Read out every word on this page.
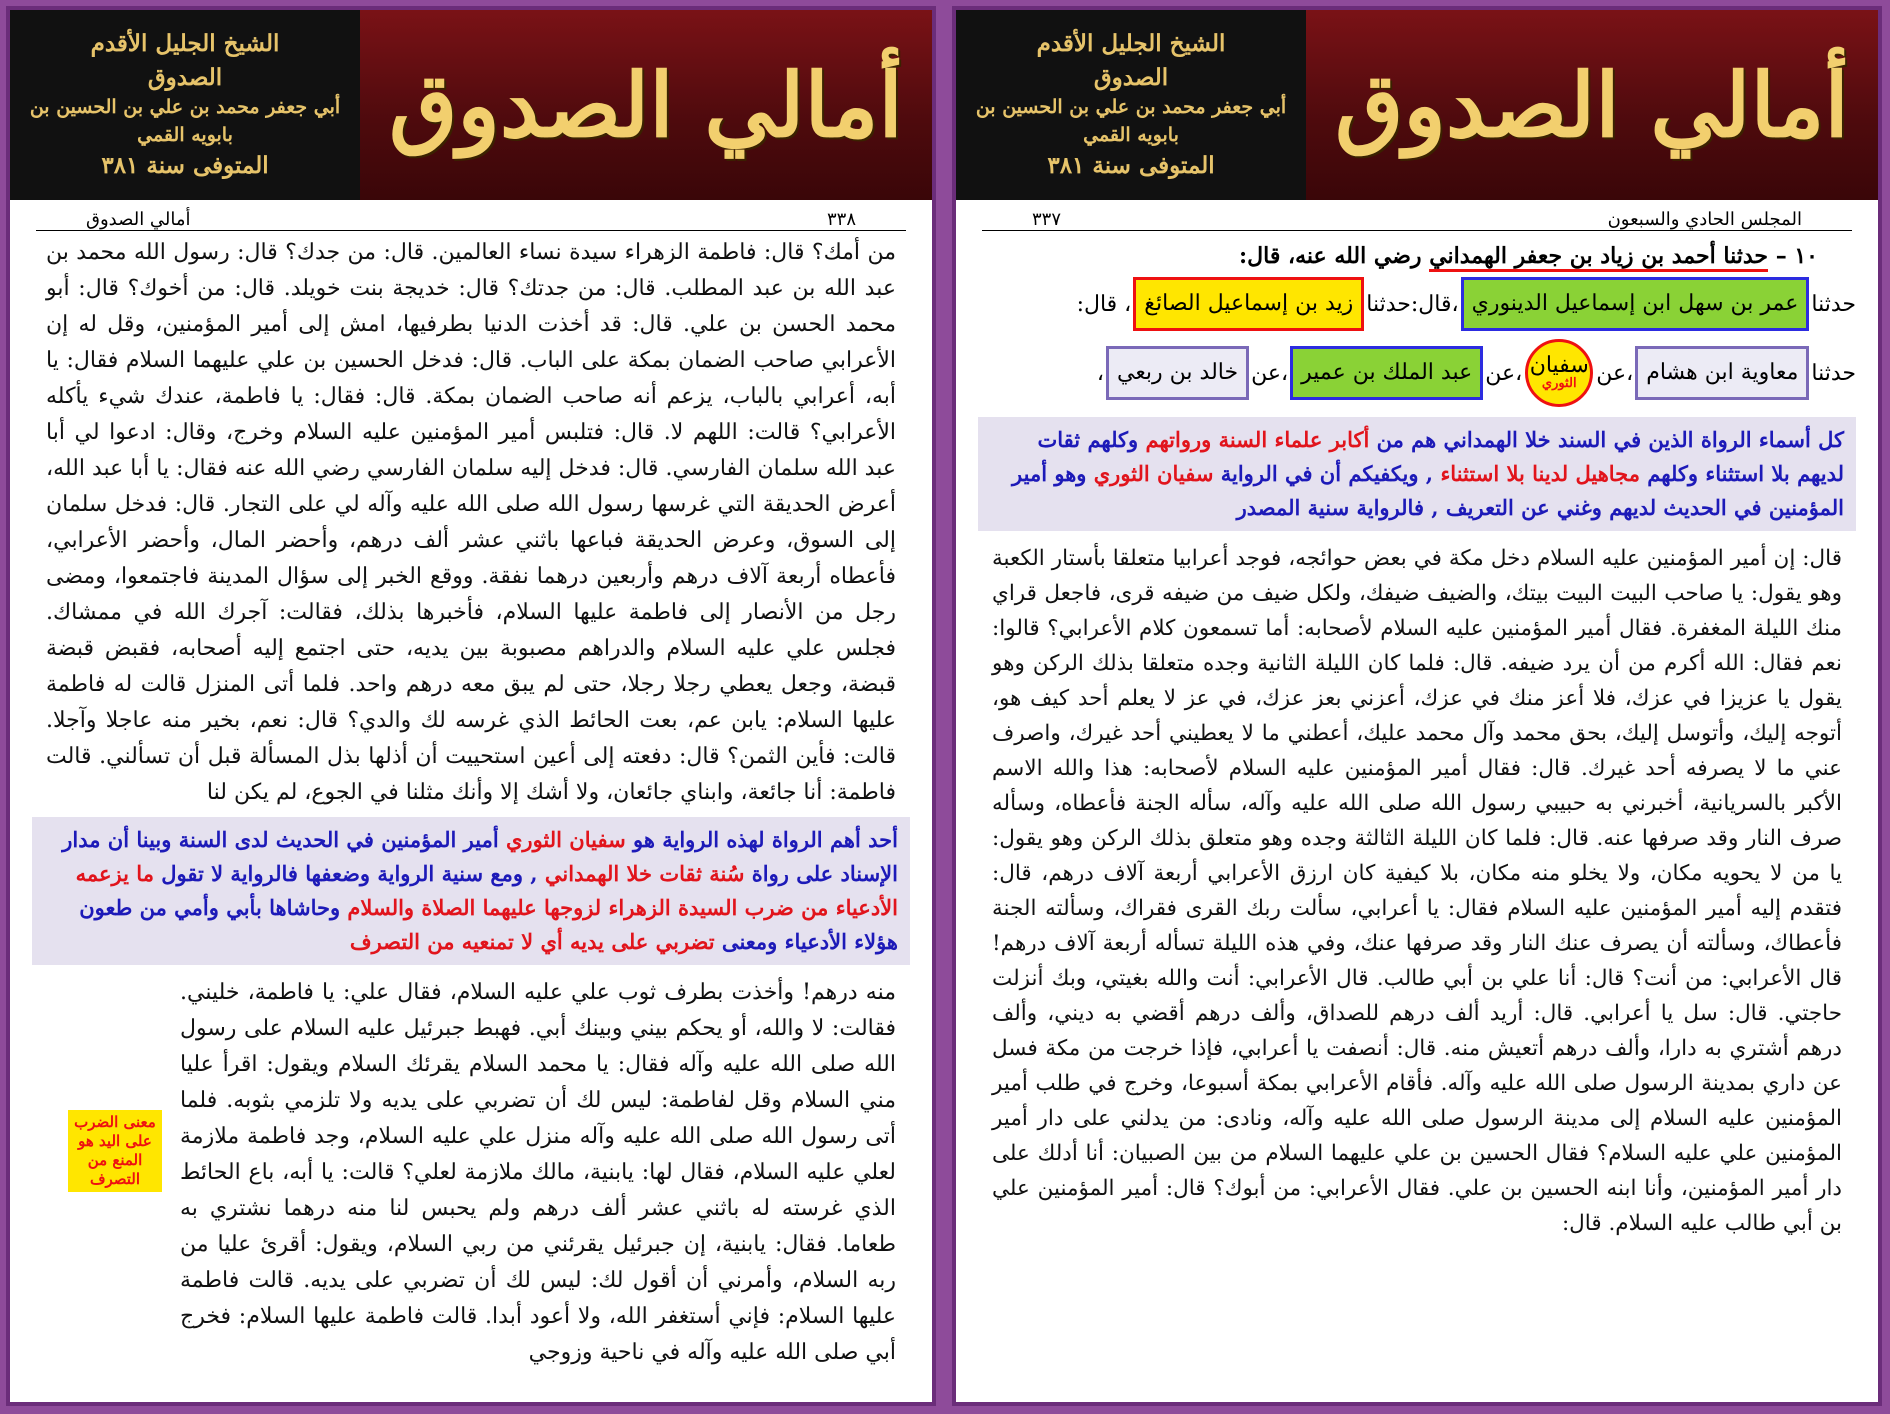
الشيخ الجليل الأقدم
الصدوق
أبي جعفر محمد بن علي بن الحسين بن بابويه القمي
المتوفى سنة ٣٨١
أمالي الصدوق
أمالي الصدوق	٣٣٨

من أمك؟ قال: فاطمة الزهراء سيدة نساء العالمين. قال: من جدك؟ قال: رسول الله محمد بن عبد الله بن عبد المطلب. قال: من جدتك؟ قال: خديجة بنت خويلد. قال: من أخوك؟ قال: أبو محمد الحسن بن علي. قال: قد أخذت الدنيا بطرفيها، امش إلى أمير المؤمنين، وقل له إن الأعرابي صاحب الضمان بمكة على الباب. قال: فدخل الحسين بن علي عليهما السلام فقال: يا أبه، أعرابي بالباب، يزعم أنه صاحب الضمان بمكة. قال: فقال: يا فاطمة، عندك شيء يأكله الأعرابي؟ قالت: اللهم لا. قال: فتلبس أمير المؤمنين عليه السلام وخرج، وقال: ادعوا لي أبا عبد الله سلمان الفارسي. قال: فدخل إليه سلمان الفارسي رضي الله عنه فقال: يا أبا عبد الله، أعرض الحديقة التي غرسها رسول الله صلى الله عليه وآله لي على التجار. قال: فدخل سلمان إلى السوق، وعرض الحديقة فباعها باثني عشر ألف درهم، وأحضر المال، وأحضر الأعرابي، فأعطاه أربعة آلاف درهم وأربعين درهما نفقة. ووقع الخبر إلى سؤال المدينة فاجتمعوا، ومضى رجل من الأنصار إلى فاطمة عليها السلام، فأخبرها بذلك، فقالت: آجرك الله في ممشاك. فجلس علي عليه السلام والدراهم مصبوبة بين يديه، حتى اجتمع إليه أصحابه، فقبض قبضة قبضة، وجعل يعطي رجلا رجلا، حتى لم يبق معه درهم واحد. فلما أتى المنزل قالت له فاطمة عليها السلام: يابن عم، بعت الحائط الذي غرسه لك والدي؟ قال: نعم، بخير منه عاجلا وآجلا. قالت: فأين الثمن؟ قال: دفعته إلى أعين استحييت أن أذلها بذل المسألة قبل أن تسألني. قالت فاطمة: أنا جائعة، وابناي جائعان، ولا أشك إلا وأنك مثلنا في الجوع، لم يكن لنا

أحد أهم الرواة لهذه الرواية هو سفيان الثوري أمير المؤمنين في الحديث لدى السنة وبينا أن مدار الإسناد على رواة سُنة ثقات خلا الهمداني , ومع سنية الرواية وضعفها فالرواية لا تقول ما يزعمه الأدعياء من ضرب السيدة الزهراء لزوجها عليهما الصلاة والسلام وحاشاها بأبي وأمي من طعون هؤلاء الأدعياء ومعنى تضربي على يديه أي لا تمنعيه من التصرف

منه درهم! وأخذت بطرف ثوب علي عليه السلام، فقال علي: يا فاطمة، خليني. فقالت: لا والله، أو يحكم بيني وبينك أبي. فهبط جبرئيل عليه السلام على رسول الله صلى الله عليه وآله فقال: يا محمد السلام يقرئك السلام ويقول: اقرأ عليا مني السلام وقل لفاطمة: ليس لك أن تضربي على يديه ولا تلزمي بثوبه. فلما أتى رسول الله صلى الله عليه وآله منزل علي عليه السلام، وجد فاطمة ملازمة لعلي عليه السلام، فقال لها: يابنية، مالك ملازمة لعلي؟ قالت: يا أبه، باع الحائط الذي غرسته له باثني عشر ألف درهم ولم يحبس لنا منه درهما نشتري به طعاما. فقال: يابنية، إن جبرئيل يقرئني من ربي السلام، ويقول: أقرئ عليا من ربه السلام، وأمرني أن أقول لك: ليس لك أن تضربي على يديه. قالت فاطمة عليها السلام: فإني أستغفر الله، ولا أعود أبدا. قالت فاطمة عليها السلام: فخرج أبي صلى الله عليه وآله في ناحية وزوجي

معنى الضرب على اليد هو المنع من التصرف
الشيخ الجليل الأقدم
الصدوق
أبي جعفر محمد بن علي بن الحسين بن بابويه القمي
المتوفى سنة ٣٨١
أمالي الصدوق
٣٣٧	المجلس الحادي والسبعون
١٠ – حدثنا أحمد بن زياد بن جعفر الهمداني رضي الله عنه، قال:
حدثنا
عمر بن سهل ابن إسماعيل الدينوري
،قال:حدثنا
زيد بن إسماعيل الصائغ
، قال:
حدثنا
معاوية ابن هشام
،عن
سفيان
الثوري
،عن
عبد الملك بن عمير
،عن
خالد بن ربعي
،
كل أسماء الرواة الذين في السند خلا الهمداني هم من أكابر علماء السنة ورواتهم وكلهم ثقات لديهم بلا استثناء وكلهم مجاهيل لدينا بلا استثناء , ويكفيكم أن في الرواية سفيان الثوري وهو أمير المؤمنين في الحديث لديهم وغني عن التعريف , فالرواية سنية المصدر

قال: إن أمير المؤمنين عليه السلام دخل مكة في بعض حوائجه، فوجد أعرابيا متعلقا بأستار الكعبة وهو يقول: يا صاحب البيت البيت بيتك، والضيف ضيفك، ولكل ضيف من ضيفه قرى، فاجعل قراي منك الليلة المغفرة. فقال أمير المؤمنين عليه السلام لأصحابه: أما تسمعون كلام الأعرابي؟ قالوا: نعم فقال: الله أكرم من أن يرد ضيفه. قال: فلما كان الليلة الثانية وجده متعلقا بذلك الركن وهو يقول يا عزيزا في عزك، فلا أعز منك في عزك، أعزني بعز عزك، في عز لا يعلم أحد كيف هو، أتوجه إليك، وأتوسل إليك، بحق محمد وآل محمد عليك، أعطني ما لا يعطيني أحد غيرك، واصرف عني ما لا يصرفه أحد غيرك. قال: فقال أمير المؤمنين عليه السلام لأصحابه: هذا والله الاسم الأكبر بالسريانية، أخبرني به حبيبي رسول الله صلى الله عليه وآله، سأله الجنة فأعطاه، وسأله صرف النار وقد صرفها عنه. قال: فلما كان الليلة الثالثة وجده وهو متعلق بذلك الركن وهو يقول: يا من لا يحويه مكان، ولا يخلو منه مكان، بلا كيفية كان ارزق الأعرابي أربعة آلاف درهم، قال: فتقدم إليه أمير المؤمنين عليه السلام فقال: يا أعرابي، سألت ربك القرى فقراك، وسألته الجنة فأعطاك، وسألته أن يصرف عنك النار وقد صرفها عنك، وفي هذه الليلة تسأله أربعة آلاف درهم! قال الأعرابي: من أنت؟ قال: أنا علي بن أبي طالب. قال الأعرابي: أنت والله بغيتي، وبك أنزلت حاجتي. قال: سل يا أعرابي. قال: أريد ألف درهم للصداق، وألف درهم أقضي به ديني، وألف درهم أشتري به دارا، وألف درهم أتعيش منه. قال: أنصفت يا أعرابي، فإذا خرجت من مكة فسل عن داري بمدينة الرسول صلى الله عليه وآله. فأقام الأعرابي بمكة أسبوعا، وخرج في طلب أمير المؤمنين عليه السلام إلى مدينة الرسول صلى الله عليه وآله، ونادى: من يدلني على دار أمير المؤمنين علي عليه السلام؟ فقال الحسين بن علي عليهما السلام من بين الصبيان: أنا أدلك على دار أمير المؤمنين، وأنا ابنه الحسين بن علي. فقال الأعرابي: من أبوك؟ قال: أمير المؤمنين علي بن أبي طالب عليه السلام. قال:
